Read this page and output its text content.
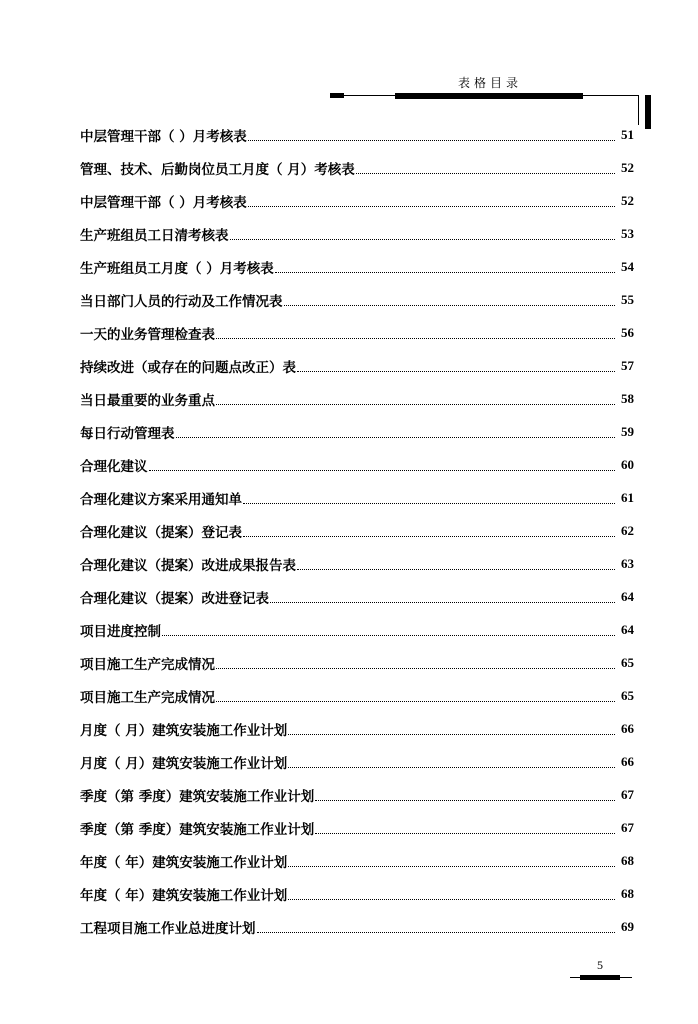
表格目录
中层管理干部（ ）月考核表	51
管理、技术、后勤岗位员工月度（ 月）考核表	52
中层管理干部（ ）月考核表	52
生产班组员工日清考核表	53
生产班组员工月度（ ）月考核表	54
当日部门人员的行动及工作情况表	55
一天的业务管理检查表	56
持续改进（或存在的问题点改正）表	57
当日最重要的业务重点	58
每日行动管理表	59
合理化建议	60
合理化建议方案采用通知单	61
合理化建议（提案）登记表	62
合理化建议（提案）改进成果报告表	63
合理化建议（提案）改进登记表	64
项目进度控制	64
项目施工生产完成情况	65
项目施工生产完成情况	65
月度（ 月）建筑安装施工作业计划	66
月度（ 月）建筑安装施工作业计划	66
季度（第 季度）建筑安装施工作业计划	67
季度（第 季度）建筑安装施工作业计划	67
年度（ 年）建筑安装施工作业计划	68
年度（ 年）建筑安装施工作业计划	68
工程项目施工作业总进度计划	69
5
